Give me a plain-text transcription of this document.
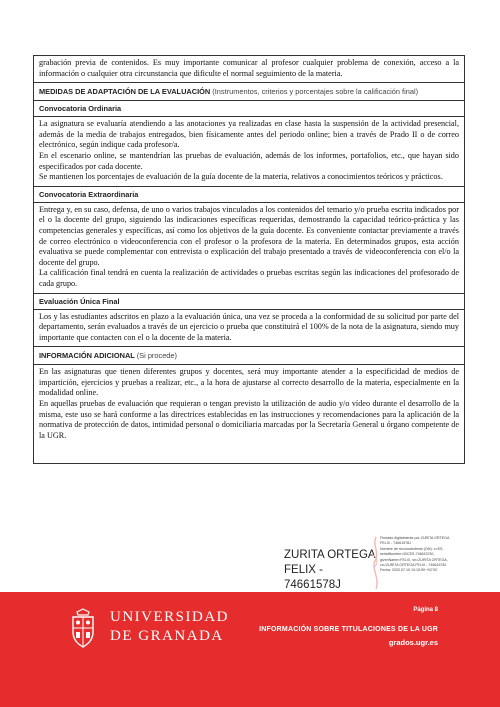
grabación previa de contenidos. Es muy importante comunicar al profesor cualquier problema de conexión, acceso a la información o cualquier otra circunstancia que dificulte el normal seguimiento de la materia.
MEDIDAS DE ADAPTACIÓN DE LA EVALUACIÓN (Instrumentos, criterios y porcentajes sobre la calificación final)
Convocatoria Ordinaria

La asignatura se evaluaría atendiendo a las anotaciones ya realizadas en clase hasta la suspensión de la actividad presencial, además de la media de trabajos entregados, bien físicamente antes del periodo online; bien a través de Prado II o de correo electrónico, según indique cada profesor/a.

En el escenario online, se mantendrían las pruebas de evaluación, además de los informes, portafolios, etc., que hayan sido especificados por cada docente.

Se mantienen los porcentajes de evaluación de la guía docente de la materia, relativos a conocimientos teóricos y prácticos.

Convocatoria Extraordinaria

Entrega y, en su caso, defensa, de uno o varios trabajos vinculados a los contenidos del temario y/o prueba escrita indicados por el o la docente del grupo, siguiendo las indicaciones específicas requeridas, demostrando la capacidad teórico-práctica y las competencias generales y específicas, así como los objetivos de la guía docente. Es conveniente contactar previamente a través de correo electrónico o videoconferencia con el profesor o la profesora de la materia. En determinados grupos, esta acción evaluativa se puede complementar con entrevista o explicación del trabajo presentado a través de videoconferencia con el/o la docente del grupo.

La calificación final tendrá en cuenta la realización de actividades o pruebas escritas según las indicaciones del profesorado de cada grupo.

Evaluación Única Final
Los y las estudiantes adscritos en plazo a la evaluación única, una vez se proceda a la conformidad de su solicitud por parte del departamento, serán evaluados a través de un ejercicio o prueba que constituirá el 100% de la nota de la asignatura, siendo muy importante que contacten con el o la docente de la materia.
INFORMACIÓN ADICIONAL (Si procede)

En las asignaturas que tienen diferentes grupos y docentes, será muy importante atender a la especificidad de medios de impartición, ejercicios y pruebas a realizar, etc., a la hora de ajustarse al correcto desarrollo de la materia, especialmente en la modalidad online.

En aquellas pruebas de evaluación que requieran o tengan previsto la utilización de audio y/o vídeo durante el desarrollo de la misma, este uso se hará conforme a las directrices establecidas en las instrucciones y recomendaciones para la aplicación de la normativa de protección de datos, intimidad personal o domiciliaria marcadas por la Secretaría General u órgano competente de la UGR.

ZURITA ORTEGA
FELIX - 74661578J
Firmado digitalmente por ZURITA ORTEGA
FELIX - 74661578J
Nombre de reconocimiento (DN): c=ES,
serialNumber=IDCES-74661578J,
givenName=FELIX, sn=ZURITA ORTEGA,
cn=ZURITA ORTEGA FELIX - 74661578J
Fecha: 2020.07.15 19:15:59 +02'00'
UNIVERSIDAD
DE GRANADA
Página 8
INFORMACIÓN SOBRE TITULACIONES DE LA UGR
grados.ugr.es
